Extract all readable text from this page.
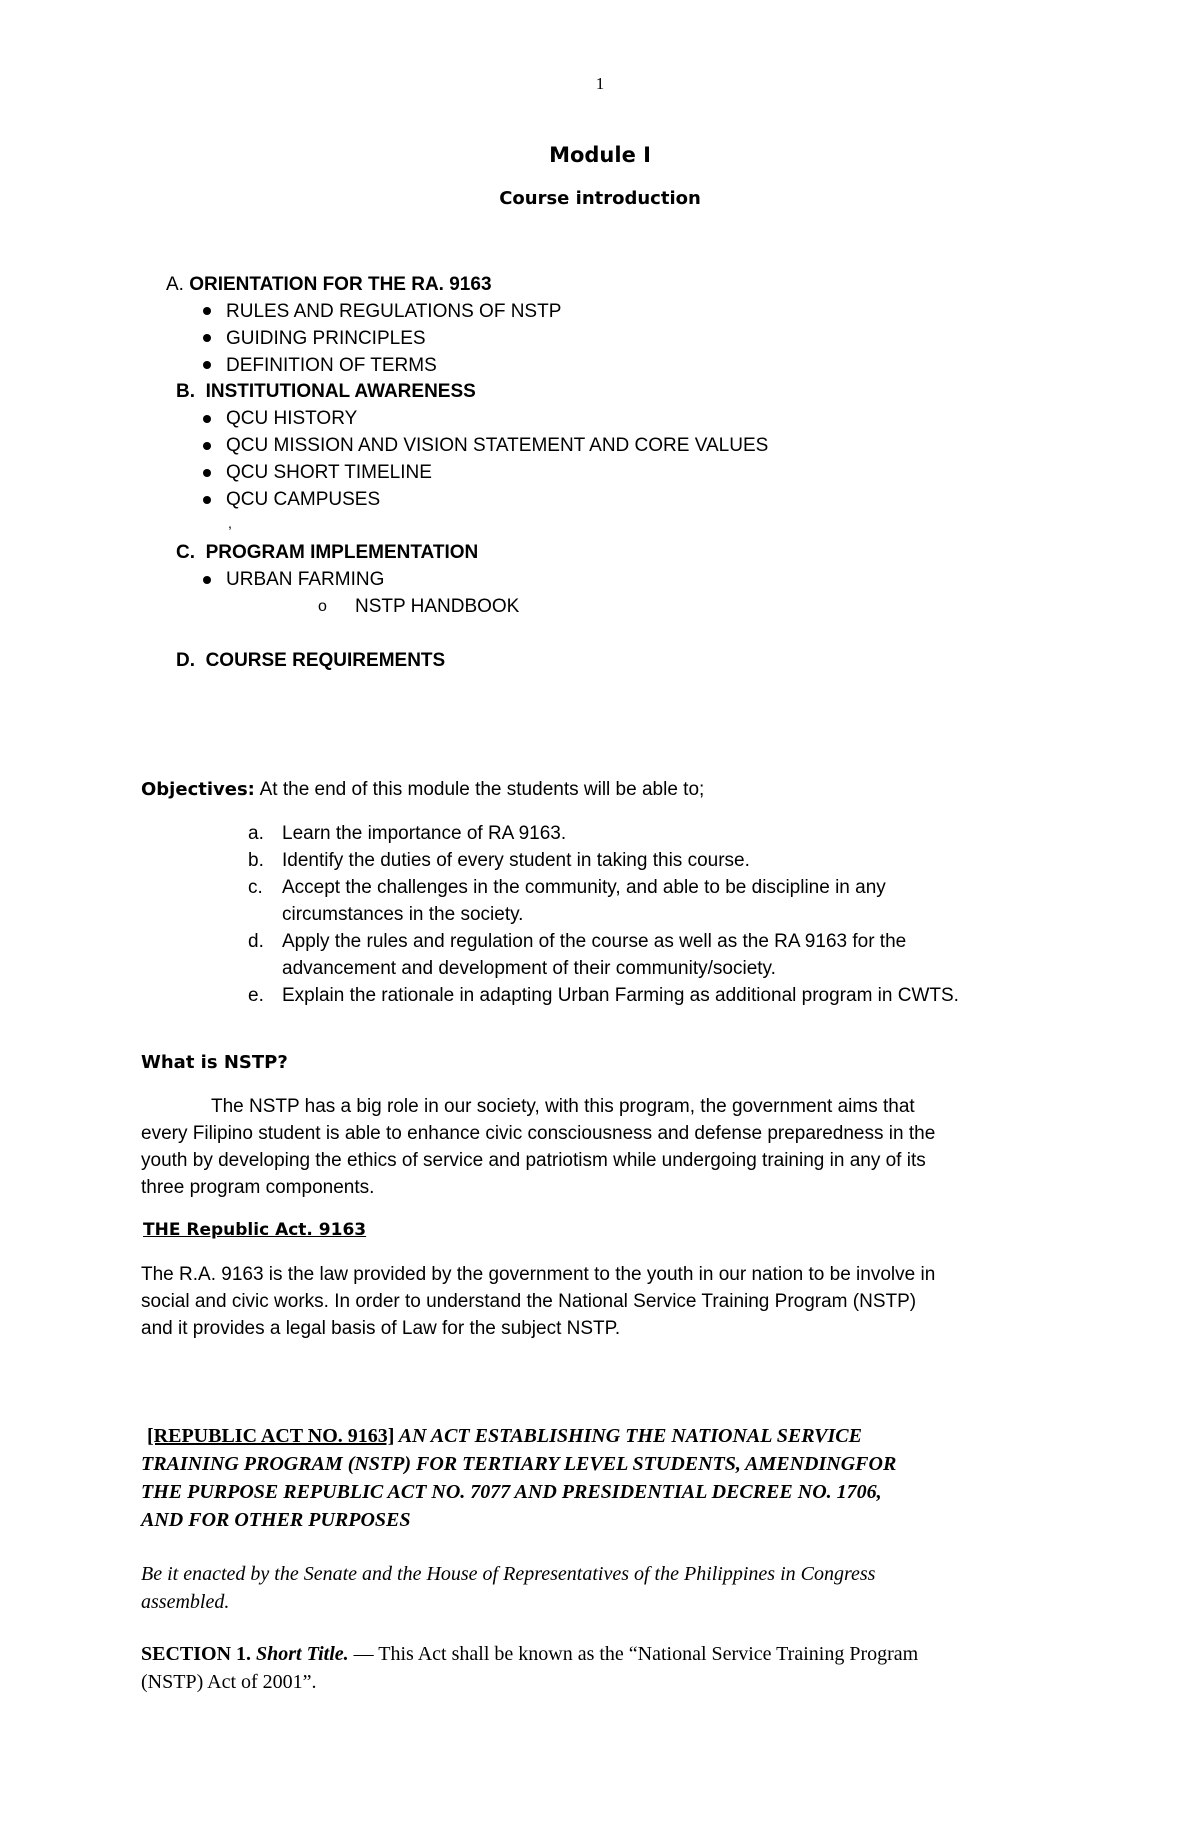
1
Module I
Course introduction
A. ORIENTATION FOR THE RA. 9163
RULES AND REGULATIONS OF NSTP
GUIDING PRINCIPLES
DEFINITION OF TERMS
B. INSTITUTIONAL AWARENESS
QCU HISTORY
QCU MISSION AND VISION STATEMENT AND CORE VALUES
QCU SHORT TIMELINE
QCU CAMPUSES
,
C. PROGRAM IMPLEMENTATION
URBAN FARMING
o NSTP HANDBOOK
D. COURSE REQUIREMENTS
Objectives: At the end of this module the students will be able to;
a. Learn the importance of RA 9163.
b. Identify the duties of every student in taking this course.
c. Accept the challenges in the community, and able to be discipline in any
circumstances in the society.
d. Apply the rules and regulation of the course as well as the RA 9163 for the
advancement and development of their community/society.
e. Explain the rationale in adapting Urban Farming as additional program in CWTS.
What is NSTP?
The NSTP has a big role in our society, with this program, the government aims that
every Filipino student is able to enhance civic consciousness and defense preparedness in the
youth by developing the ethics of service and patriotism while undergoing training in any of its
three program components.
THE Republic Act. 9163
The R.A. 9163 is the law provided by the government to the youth in our nation to be involve in
social and civic works. In order to understand the National Service Training Program (NSTP)
and it provides a legal basis of Law for the subject NSTP.
[REPUBLIC ACT NO. 9163] AN ACT ESTABLISHING THE NATIONAL SERVICE
TRAINING PROGRAM (NSTP) FOR TERTIARY LEVEL STUDENTS, AMENDINGFOR
THE PURPOSE REPUBLIC ACT NO. 7077 AND PRESIDENTIAL DECREE NO. 1706,
AND FOR OTHER PURPOSES
Be it enacted by the Senate and the House of Representatives of the Philippines in Congress
assembled.
SECTION 1. Short Title. — This Act shall be known as the “National Service Training Program
(NSTP) Act of 2001”.
